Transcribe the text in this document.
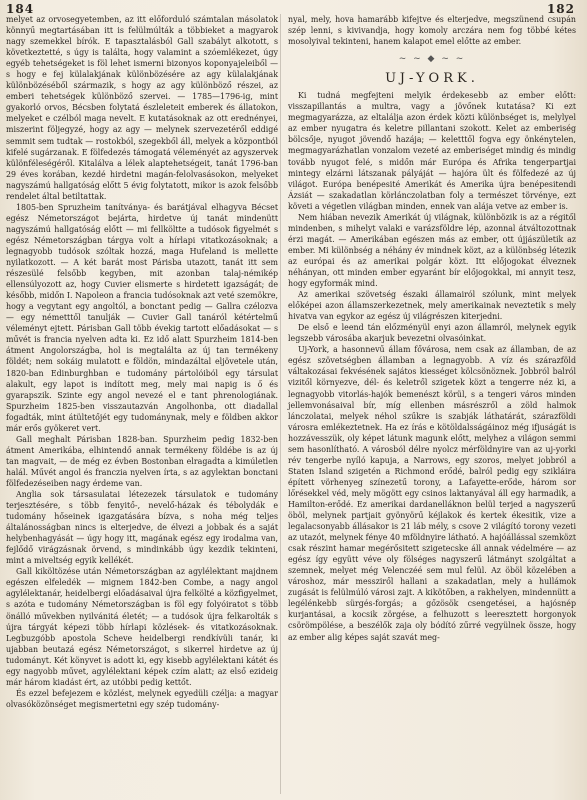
184	182

melyet az orvosegyetemben, az itt előforduló számtalan másolatok könnyű megtartásában itt is felülmúlták a többieket a magyarok nagy szemekkel bírók. E tapasztalásból Gall szabályt alkotott, s következtetté, s úgy is találta, hogy valamint a szóemlékezet, úgy egyéb tehetségeket is föl lehet ismerni bizonyos koponyajeleiből — s hogy e fej külalakjának különbözésére az agy külalakjának különbözéséből származik, s hogy az agy különböző részei, az emberi tehetségek különböző szervei. — 1785—1796-ig, mint gyakorló orvos, Bécsben folytatá észleleteit emberek és állatokon, melyeket e czélból maga nevelt. E kutatásoknak az ott erednényei, miszerint följegyzé, hogy az agy — melynek szervezetéről eddigé semmit sem tudtak — rostokból, szegekből áll, melyek a központból kifelé sugárzanak. E fölfedezés támogatá véleményét az agyszervek különféleségéről. Kitalálva a lélek alaptehetségeit, tanát 1796-ban 29 éves korában, kezdé hirdetni magán-felolvasásokon, melyeket nagyszámú hallgatóság előtt 5 évig folytatott, mikor is azok felsőbb rendelet által betiltattak.

1805-ben Spruzheim tanítványa- és barátjával elhagyva Bécset egész Németországot bejárta, hirdetve új tanát mindenütt nagyszámú hallgatóság előtt — mi fellköltte a tudósok figyelmét s egész Németországban tárgya volt a hírlapi vitatkozásoknak; a legnagyobb tudósok szóltak hozzá, maga Hufeland is mellette nyilatkozott. — A két barát most Párisba utazott, tanát itt sem részesülé felsőbb kegyben, mit azonban talaj-némikép ellensúlyozott az, hogy Cuvier elismerte s hirdetett igazságát; de később, midőn I. Napoleon a francia tudósoknak azt veté szemökre, hogy a vegytant egy angoltól, a bonctant pedig — Gallra czélozva — egy németttől tanulják — Cuvier Gall tanáról kétértelmű véleményt ejtett. Párisban Gall több évekig tartott előadásokat — s művét is francia nyelven adta ki. Ez idő alatt Spurzheim 1814-ben átment Angolországba, hol is megtalálta az új tan termékeny földét; nem sokáig mulatott e földön, mindazáltal eljövetele után, 1820-ban Edinburghban e tudomány pártolóiból egy társulat alakult, egy lapot is indított meg, mely mai napig is ő és gyarapszik. Szinte egy angol nevezé el e tant phrenologiának. Spurzheim 1825-ben visszautazván Angolhonba, ott diadallal fogadták, mint átültetőjét egy tudománynak, mely e földben akkor már erős gyökeret vert.

Gall meghalt Párisban 1828-ban. Spurzheim pedig 1832-ben átment Amerikába, elhintendő annak termékeny földébe is az új tan magvait, — de még ez évben Bostonban elragadta a kimúletlen halál. Művét angol és franczia nyelven írta, s az agylektan bonctani fölfedezéseiben nagy érdeme van.

Anglia sok társasulatai létezezek társulatok e tudomány terjesztésére, s több fenyitő-, nevelő-házak és tébolydák e tudomány hőseinek igazgatására bízva, s noha még teljes általánosságban nincs is elterjedve, de élvezi a jobbak és a saját helybenhagyását — úgy hogy itt, magának egész egy irodalma van, fejlődő virágzásnak örvend, s mindinkább úgy kezdik tekinteni, mint a miveltség egyik kellékét.

Gall kiköltözése után Németországban az agylélektant majdnem egészen elfeledék — mignem 1842-ben Combe, a nagy angol agylélektanár, heidelbergi előadásaival újra felkölté a közfigyelmet, s azóta e tudomány Németországban is föl egy folyóiratot s több önálló művekben nyilvánitá életét; — a tudósok újra felkarolták s újra tárgyát képezi több hírlapi közlések- és vitatkozásoknak. Legbuzgóbb apostola Scheve heidelbergi rendkívüli tanár, ki ujabban beutazá egész Németországot, s sikerrel hirdetve az új tudományt. Két könyvet is adott ki, egy kisebb agylélektani kátét és egy nagyobb művet, agylélektani képek czím alatt; az első ezideig már három kiadást ért, az utóbbi pedig kettőt.

És ezzel befejezem e közlést, melynek egyedüli czélja: a magyar olvasóközönséget megismertetni egy szép tudomány-

nyal, mely, hova hamarább kifejtve és elterjedve, megszünend csupán szép lenni, s kivivandja, hogy komoly arczára nem fog többé kétes mosolyival tekinteni, hanem kalapot emel előtte az ember.

~ ~ ◆ ~ ~
UJ-YORK.

Ki tudná megfejteni melyik érdekesebb az ember előtt: visszapillantás a multra, vagy a jövőnek kutatása? Ki ezt megmagyarázza, az eltalálja azon érdek közti különbséget is, melylyel az ember nyugatra és keletre pillantani szokott. Kelet az emberiség bölcsője, nyugot jövendő hazája; — keletttől fogva egy önkénytelen, megmagyarázhatlan vonzalom vezeté az emberiséget mindig és mindig tovább nyugot felé, s midőn már Európa és Afrika tengerpartjai mintegy elzárni látszanak pályáját — hajóra ült és fölfedezé az új világot. Európa benépesité Amerikát és Amerika újra benépesitendi Ázsiát — szakadatlan körlánczolatban foly a természet törvénye, ezt követi a végetlen világban minden, ennek van alája vetve az ember is.

Nem hiában nevezik Amerikát új világnak, különbözik is az a régitől mindenben, s mihelyt valaki e varázsföldre lép, azonnal átváltozottnak érzi magát. — Amerikában egészen más az ember, ott újjászületik az ember. Mi különbség a néhány év mindnek közt, az a különbség létezik az európai és az amerikai polgár közt. Itt előjogokat élveznek néhányan, ott minden ember egyaránt bír előjogokkal, mi annyit tesz, hogy egyformák mind.

Az amerikai szövetség északi államairól szólunk, mint melyek előképei azon államszerkezetnek, mely amerikainak neveztetik s mely hivatva van egykor az egész új világrészen kiterjedni.

De első e leend tán előzményül enyi azon államról, melynek egyik legszebb városába akarjuk bevezetni olvasóinkat.

Uj-York, a hasonnevű állam fővárosa, nem csak az államban, de az egész szövetségben államban a legnagyobb. A víz és szárazföld váltakozásai fekvésének sajátos kiességet kölcsönöznek. Jobbról balról vizitől környezve, dél- és keletről szigetek közt a tengerre néz ki, a legnagyobb vitorlás-hajók bemenészt körül, s a tengeri város minden jellemvonásaival bír, míg ellenben másrészről a zöld halmok lánczolatai, melyek néhol szűkre is szabják láthatárát, szárazföldi városra emlékeztetnek. Ha ez írás e kötöldalsságáinoz még ifjuságát is hozzávesszük, oly képet látunk magunk előtt, melyhez a világon semmi sem hasonlítható. A városból délre nyolcz mérföldnyire van az uj-yorki rév tengerbe nyíló kapuja, a Narrows, egy szoros, melyet jobbról a Staten Island szigetén a Richmond erődé, balról pedig egy szikláira épített vörhenyeg színezetű torony, a Lafayette-erőde, három sor lőrésekkel véd, mely mögött egy csinos laktanyával áll egy harmadik, a Hamilton-erődé. Ez amerikai dardanelláknon belül terjed a nagyszerű öböl, melynek partjait gyönyörű kéjlakok és kertek ékesitik, vize a legalacsonyabb állásakor is 21 láb mély, s csove 2 világító torony vezeti az utazót, melynek fénye 40 mföldnyire látható. A hajóállással szemközt csak részint hamar megérősitett szigetecske áll annak védelmére — az egész így együtt véve oly fölséges nagyszerű látmányt szolgáltat a szemnek, melyet még Velenczéé sem mul felül. Az öböl közelében a városhoz, már messziről hallani a szakadatlan, mely a hullámok zugását is felülmúló városi zajt. A kikötőben, a rakhelyen, mindennütt a legélénkebb sürgés-forgás; a gőzösök csengetései, a hajósnép kurjantásai, a kocsik zörgése, a felhuzott s leeresztett horgonyok csörömpölése, a beszélők zaja oly bódító zűrré vegyülnek össze, hogy az ember alig képes saját szavát meg-
